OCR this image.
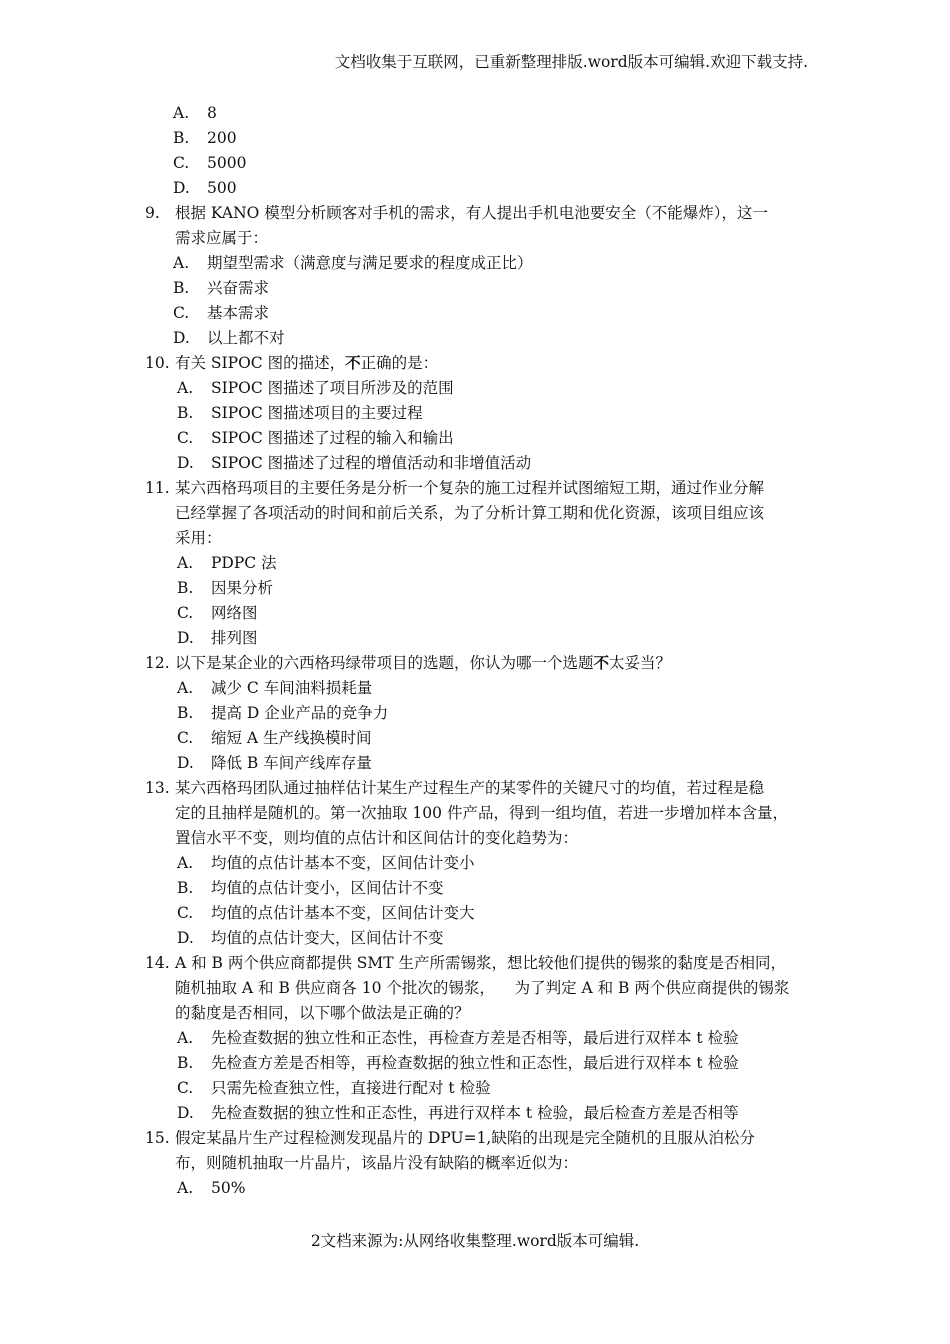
文档收集于互联网，已重新整理排版.word版本可编辑.欢迎下载支持.
A.	8
B.	200
C.	5000
D.	500
9. 根据 KANO 模型分析顾客对手机的需求，有人提出手机电池要安全（不能爆炸），这一
需求应属于：
A.	期望型需求（满意度与满足要求的程度成正比）
B.	兴奋需求
C.	基本需求
D.	以上都不对
10. 有关 SIPOC 图的描述，不正确的是：
A.	SIPOC 图描述了项目所涉及的范围
B.	SIPOC 图描述项目的主要过程
C.	SIPOC 图描述了过程的输入和输出
D.	SIPOC 图描述了过程的增值活动和非增值活动
11. 某六西格玛项目的主要任务是分析一个复杂的施工过程并试图缩短工期，通过作业分解
已经掌握了各项活动的时间和前后关系，为了分析计算工期和优化资源，该项目组应该
采用：
A.	PDPC 法
B.	因果分析
C.	网络图
D.	排列图
12. 以下是某企业的六西格玛绿带项目的选题，你认为哪一个选题不太妥当？
A.	减少 C 车间油料损耗量
B.	提高 D 企业产品的竞争力
C.	缩短 A 生产线换模时间
D.	降低 B 车间产线库存量
13. 某六西格玛团队通过抽样估计某生产过程生产的某零件的关键尺寸的均值，若过程是稳
定的且抽样是随机的。第一次抽取 100 件产品，得到一组均值，若进一步增加样本含量，
置信水平不变，则均值的点估计和区间估计的变化趋势为：
A.	均值的点估计基本不变，区间估计变小
B.	均值的点估计变小，区间估计不变
C.	均值的点估计基本不变，区间估计变大
D.	均值的点估计变大，区间估计不变
14. A 和 B 两个供应商都提供 SMT 生产所需锡浆，想比较他们提供的锡浆的黏度是否相同，
随机抽取 A 和 B 供应商各 10 个批次的锡浆，    为了判定 A 和 B 两个供应商提供的锡浆
的黏度是否相同，以下哪个做法是正确的？
A.	先检查数据的独立性和正态性，再检查方差是否相等，最后进行双样本 t 检验
B.	先检查方差是否相等，再检查数据的独立性和正态性，最后进行双样本 t 检验
C.	只需先检查独立性，直接进行配对 t 检验
D.	先检查数据的独立性和正态性，再进行双样本 t 检验，最后检查方差是否相等
15. 假定某晶片生产过程检测发现晶片的 DPU=1,缺陷的出现是完全随机的且服从泊松分
布，则随机抽取一片晶片，该晶片没有缺陷的概率近似为：
A.	50%
2文档来源为:从网络收集整理.word版本可编辑.
